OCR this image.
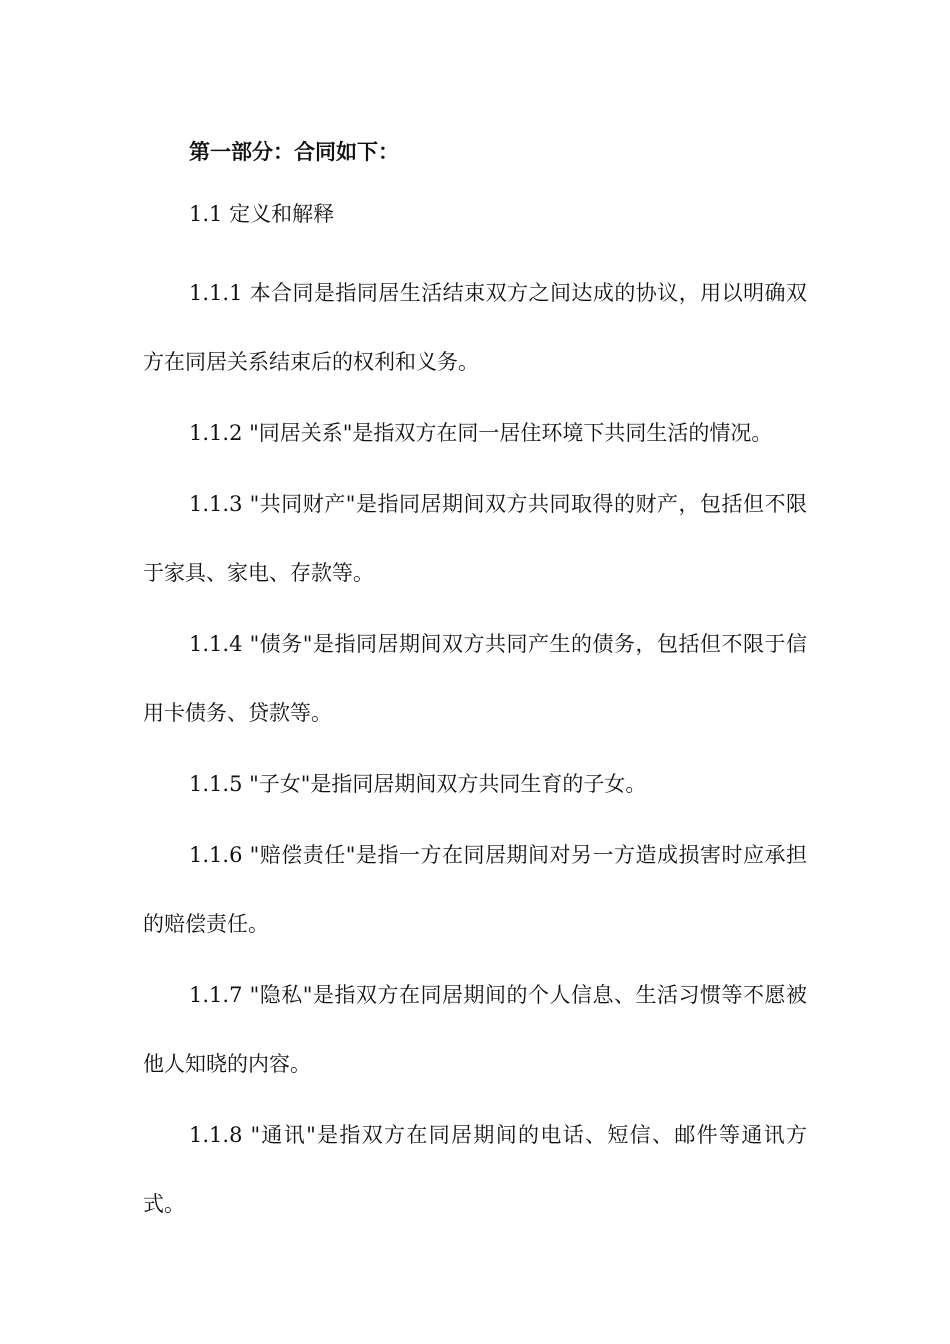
第一部分：合同如下：

1.1 定义和解释

1.1.1 本合同是指同居生活结束双方之间达成的协议，用以明确双方在同居关系结束后的权利和义务。

1.1.2 "同居关系"是指双方在同一居住环境下共同生活的情况。

1.1.3 "共同财产"是指同居期间双方共同取得的财产，包括但不限于家具、家电、存款等。

1.1.4 "债务"是指同居期间双方共同产生的债务，包括但不限于信用卡债务、贷款等。

1.1.5 "子女"是指同居期间双方共同生育的子女。

1.1.6 "赔偿责任"是指一方在同居期间对另一方造成损害时应承担的赔偿责任。

1.1.7 "隐私"是指双方在同居期间的个人信息、生活习惯等不愿被他人知晓的内容。

1.1.8 "通讯"是指双方在同居期间的电话、短信、邮件等通讯方式。
